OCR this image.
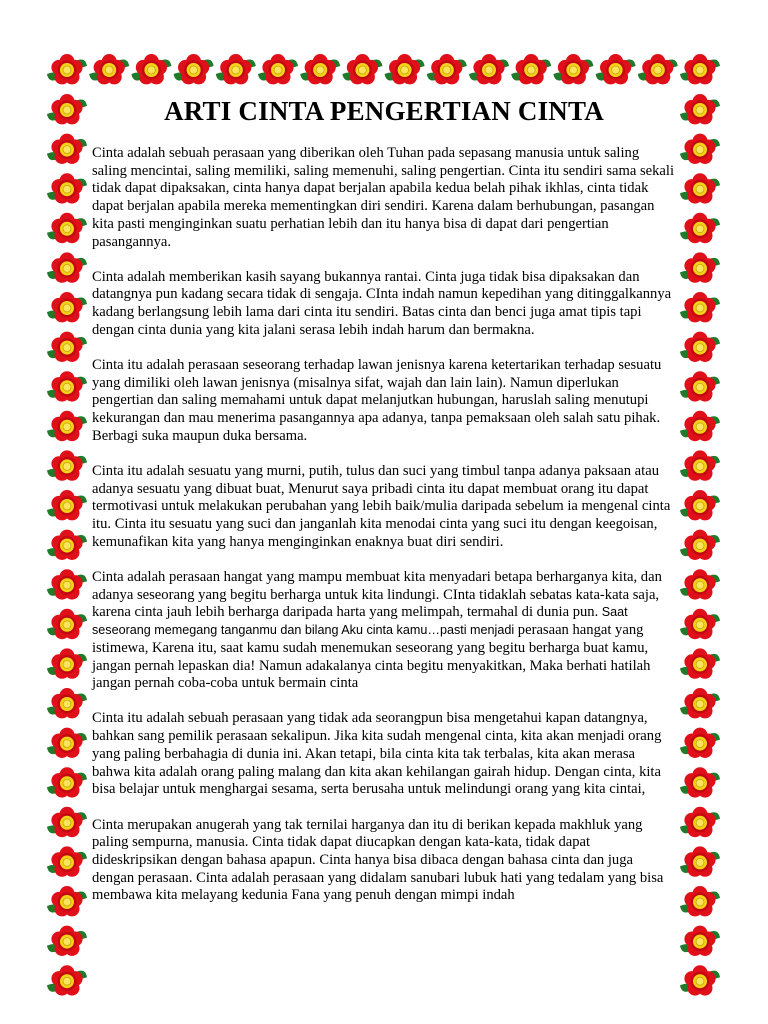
ARTI CINTA PENGERTIAN CINTA

Cinta adalah sebuah perasaan yang diberikan oleh Tuhan pada sepasang manusia untuk saling saling mencintai, saling memiliki, saling memenuhi, saling pengertian. Cinta itu sendiri sama sekali tidak dapat dipaksakan, cinta hanya dapat berjalan apabila kedua belah pihak ikhlas, cinta tidak dapat berjalan apabila mereka mementingkan diri sendiri. Karena dalam berhubungan, pasangan kita pasti menginginkan suatu perhatian lebih dan itu hanya bisa di dapat dari pengertian pasangannya.

Cinta adalah memberikan kasih sayang bukannya rantai. Cinta juga tidak bisa dipaksakan dan datangnya pun kadang secara tidak di sengaja. CInta indah namun kepedihan yang ditinggalkannya kadang berlangsung lebih lama dari cinta itu sendiri. Batas cinta dan benci juga amat tipis tapi dengan cinta dunia yang kita jalani serasa lebih indah harum dan bermakna.

Cinta itu adalah perasaan seseorang terhadap lawan jenisnya karena ketertarikan terhadap sesuatu yang dimiliki oleh lawan jenisnya (misalnya sifat, wajah dan lain lain). Namun diperlukan pengertian dan saling memahami untuk dapat melanjutkan hubungan, haruslah saling menutupi kekurangan dan mau menerima pasangannya apa adanya, tanpa pemaksaan oleh salah satu pihak. Berbagi suka maupun duka bersama.

Cinta itu adalah sesuatu yang murni, putih, tulus dan suci yang timbul tanpa adanya paksaan atau adanya sesuatu yang dibuat buat, Menurut saya pribadi cinta itu dapat membuat orang itu dapat termotivasi untuk melakukan perubahan yang lebih baik/mulia daripada sebelum ia mengenal cinta itu. Cinta itu sesuatu yang suci dan janganlah kita menodai cinta yang suci itu dengan keegoisan, kemunafikan kita yang hanya menginginkan enaknya buat diri sendiri.

Cinta adalah perasaan hangat yang mampu membuat kita menyadari betapa berharganya kita, dan adanya seseorang yang begitu berharga untuk kita lindungi. CInta tidaklah sebatas kata-kata saja, karena cinta jauh lebih berharga daripada harta yang melimpah, termahal di dunia pun. Saat seseorang memegang tanganmu dan bilang Aku cinta kamu…pasti menjadi perasaan hangat yang istimewa, Karena itu, saat kamu sudah menemukan seseorang yang begitu berharga buat kamu, jangan pernah lepaskan dia! Namun adakalanya cinta begitu menyakitkan, Maka berhati hatilah jangan pernah coba-coba untuk bermain cinta

Cinta itu adalah sebuah perasaan yang tidak ada seorangpun bisa mengetahui kapan datangnya, bahkan sang pemilik perasaan sekalipun. Jika kita sudah mengenal cinta, kita akan menjadi orang yang paling berbahagia di dunia ini. Akan tetapi, bila cinta kita tak terbalas, kita akan merasa bahwa kita adalah orang paling malang dan kita akan kehilangan gairah hidup. Dengan cinta, kita bisa belajar untuk menghargai sesama, serta berusaha untuk melindungi orang yang kita cintai,

Cinta merupakan anugerah yang tak ternilai harganya dan itu di berikan kepada makhluk yang paling sempurna, manusia. Cinta tidak dapat diucapkan dengan kata-kata, tidak dapat dideskripsikan dengan bahasa apapun. Cinta hanya bisa dibaca dengan bahasa cinta dan juga dengan perasaan. Cinta adalah perasaan yang didalam sanubari lubuk hati yang tedalam yang bisa membawa kita melayang kedunia Fana yang penuh dengan mimpi indah
